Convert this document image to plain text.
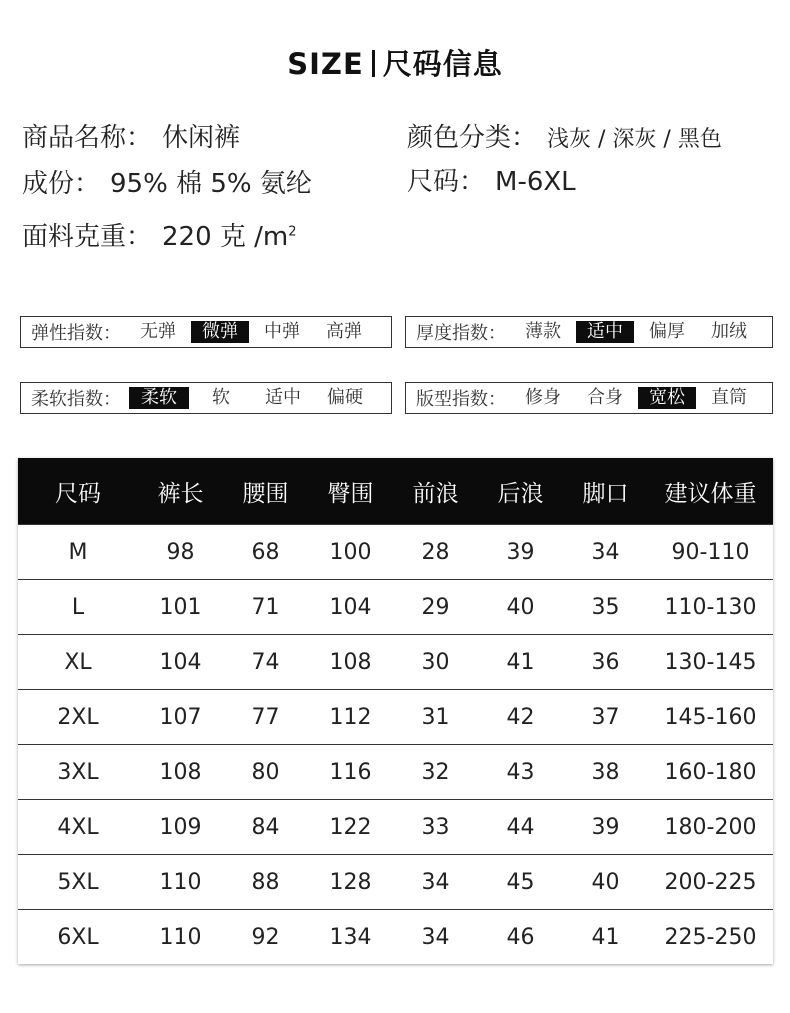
SIZE 尺码信息
商品名称： 休闲裤	颜色分类： 浅灰 / 深灰 / 黑色
成份： 95% 棉 5% 氨纶	尺码： M-6XL
面料克重： 220 克 $/m^2$
弹性指数：	无弹	微弹	中弹	高弹	厚度指数：	薄款	适中	偏厚	加绒
柔软指数：	柔软	软	适中	偏硬	版型指数：	修身	合身	宽松	直筒
尺码	裤长	腰围	臀围	前浪	后浪	脚口	建议体重
M	98	68	100	28	39	34	90-110
L	101	71	104	29	40	35	110-130
XL	104	74	108	30	41	36	130-145
2XL	107	77	112	31	42	37	145-160
3XL	108	80	116	32	43	38	160-180
4XL	109	84	122	33	44	39	180-200
5XL	110	88	128	34	45	40	200-225
6XL	110	92	134	34	46	41	225-250
